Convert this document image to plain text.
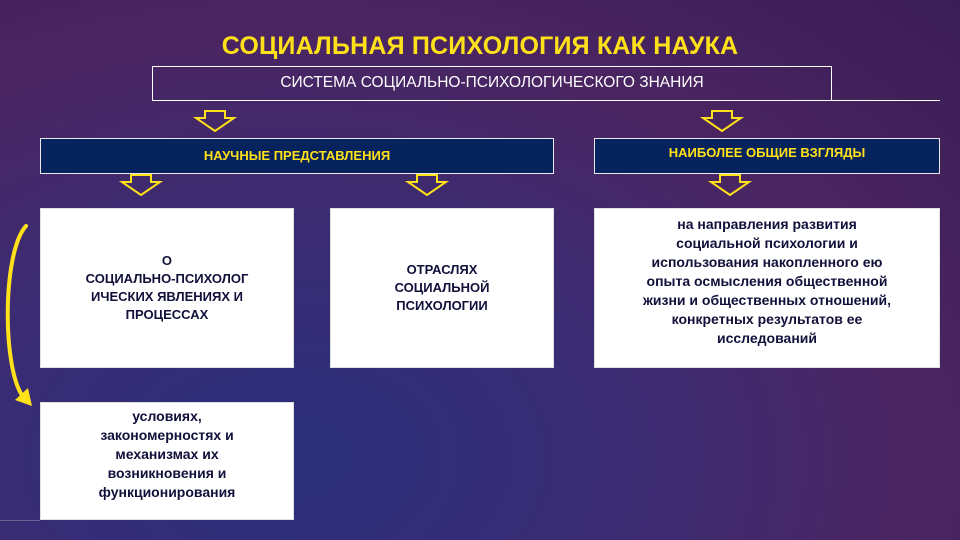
СОЦИАЛЬНАЯ ПСИХОЛОГИЯ КАК НАУКА
СИСТЕМА СОЦИАЛЬНО-ПСИХОЛОГИЧЕСКОГО ЗНАНИЯ
НАУЧНЫЕ ПРЕДСТАВЛЕНИЯ	НАИБОЛЕЕ ОБЩИЕ ВЗГЛЯДЫ
О
СОЦИАЛЬНО-ПСИХОЛОГ
ИЧЕСКИХ ЯВЛЕНИЯХ И
ПРОЦЕССАХ
ОТРАСЛЯХ
СОЦИАЛЬНОЙ
ПСИХОЛОГИИ
на направления развития
социальной психологии и
использования накопленного ею
опыта осмысления общественной
жизни и общественных отношений,
конкретных результатов ее
исследований
условиях,
закономерностях и
механизмах их
возникновения и
функционирования
